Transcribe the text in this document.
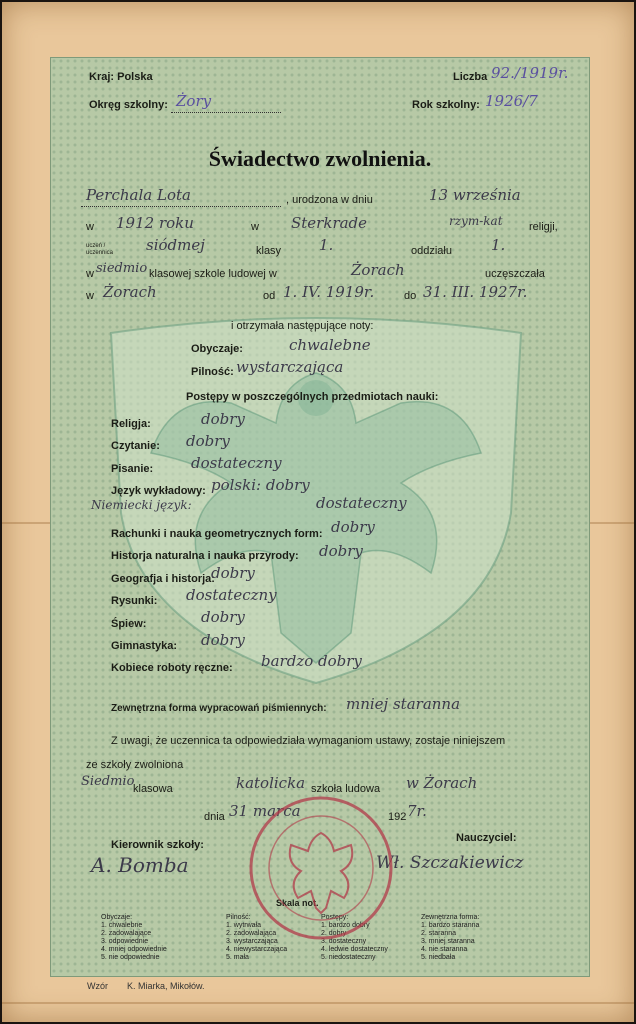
Kraj: Polska	Liczba 92./1919r.
Okręg szkolny: Żory	Rok szkolny: 1926/7
Świadectwo zwolnienia.
Perchala Lota	, urodzona w dniu	13 września
w 1912 roku	w Sterkrade	rzym-kat religji,
uczeń / uczennica siódmej	klasy	1.	oddziału	1.
w siedmio klasowej szkole ludowej w	Żorach	uczęszczała
w Żorach	od 1. IV. 1919r.	do 31. III. 1927r.
i otrzymała następujące noty:
Obyczaje:	chwalebne
Pilność: wystarczająca
Postępy w poszczególnych przedmiotach nauki:
Religja:	dobry
Czytanie: dobry
Pisanie:	dostateczny
Język wykładowy: polski: dobry
Niemiecki język:	dostateczny
Rachunki i nauka geometrycznych form: dobry
Historja naturalna i nauka przyrody: dobry
Geografja i historja:
dobry
Rysunki: dostateczny
Śpiew:	dobry
Gimnastyka: dobry
Kobiece roboty ręczne: bardzo dobry
Zewnętrzna forma wypracowań piśmiennych: mniej staranna
Z uwagi, że uczennica ta odpowiedziała wymaganiom ustawy, zostaje niniejszem
ze szkoły zwolniona
Siedmio
klasowa	katolicka szkoła ludowa w Żorach
dnia 31 marca	192 7r.
Kierownik szkoły:
A. Bomba
Nauczyciel:
Wł. Szczakiewicz
Skala not.
Obyczaje:
1. chwalebne
2. zadowalające
3. odpowiednie
4. mniej odpowiednie
5. nie odpowiednie
Pilność:
1. wytrwała
2. zadowalająca
3. wystarczająca
4. niewystarczająca
5. mała
Postępy:
1. bardzo dobry
2. dobry
3. dostateczny
4. ledwie dostateczny
5. niedostateczny
Zewnętrzna forma:
1. bardzo staranna
2. staranna
3. mniej staranna
4. nie staranna
5. niedbała
Wzór K. Miarka, Mikołów.
